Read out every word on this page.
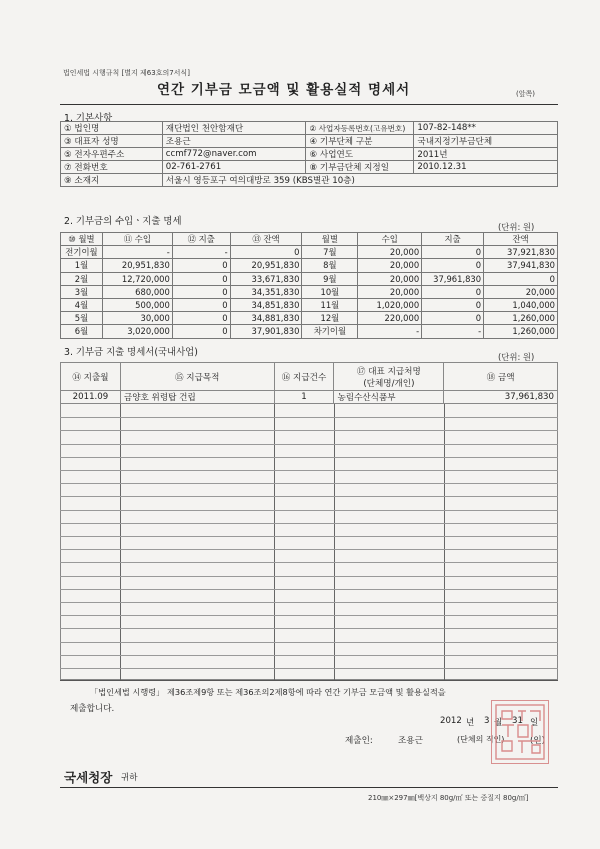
법인세법 시행규칙 [별지 제63호의7서식]
연간 기부금 모금액 및 활용실적 명세서	(앞쪽)
1. 기본사항
① 법인명	재단법인 천안함재단	② 사업자등록번호(고유번호)	107-82-148**
③ 대표자 성명	조용근	④ 기부단체 구분	국내지정기부금단체
⑤ 전자우편주소	ccmf772@naver.com	⑥ 사업연도	2011년
⑦ 전화번호	02-761-2761	⑧ 기부금단체 지정일	2010.12.31
⑨ 소재지	서울시 영등포구 여의대방로 359 (KBS별관 10층)		
2. 기부금의 수입ㆍ지출 명세	(단위: 원)
⑩ 월별	⑪ 수입	⑫ 지출	⑬ 잔액	월별	수입	지출	잔액
전기이월	-	-	0	7월	20,000	0	37,921,830
1월	20,951,830	0	20,951,830	8월	20,000	0	37,941,830
2월	12,720,000	0	33,671,830	9월	20,000	37,961,830	0
3월	680,000	0	34,351,830	10월	20,000	0	20,000
4월	500,000	0	34,851,830	11월	1,020,000	0	1,040,000
5월	30,000	0	34,881,830	12월	220,000	0	1,260,000
6월	3,020,000	0	37,901,830	차기이월	-	-	1,260,000
3. 기부금 지출 명세서(국내사업)	(단위: 원)
⑭ 지출월	⑮ 지급목적	⑯ 지급건수	⑰ 대표 지급처명
(단체명/개인)	⑱ 금액
2011.09	금양호 위령탑 건립	1	농림수산식품부	37,961,830
「법인세법 시행령」 제36조제9항 또는 제36조의2제8항에 따라 연간 기부금 모금액 및 활용실적을
제출합니다.
2012 년 3 월 31 일
제출인:	조용근	(단체의 직인)	(인)
국세청장 귀하
210㎜×297㎜[백상지 80g/㎡ 또는 중질지 80g/㎡]
